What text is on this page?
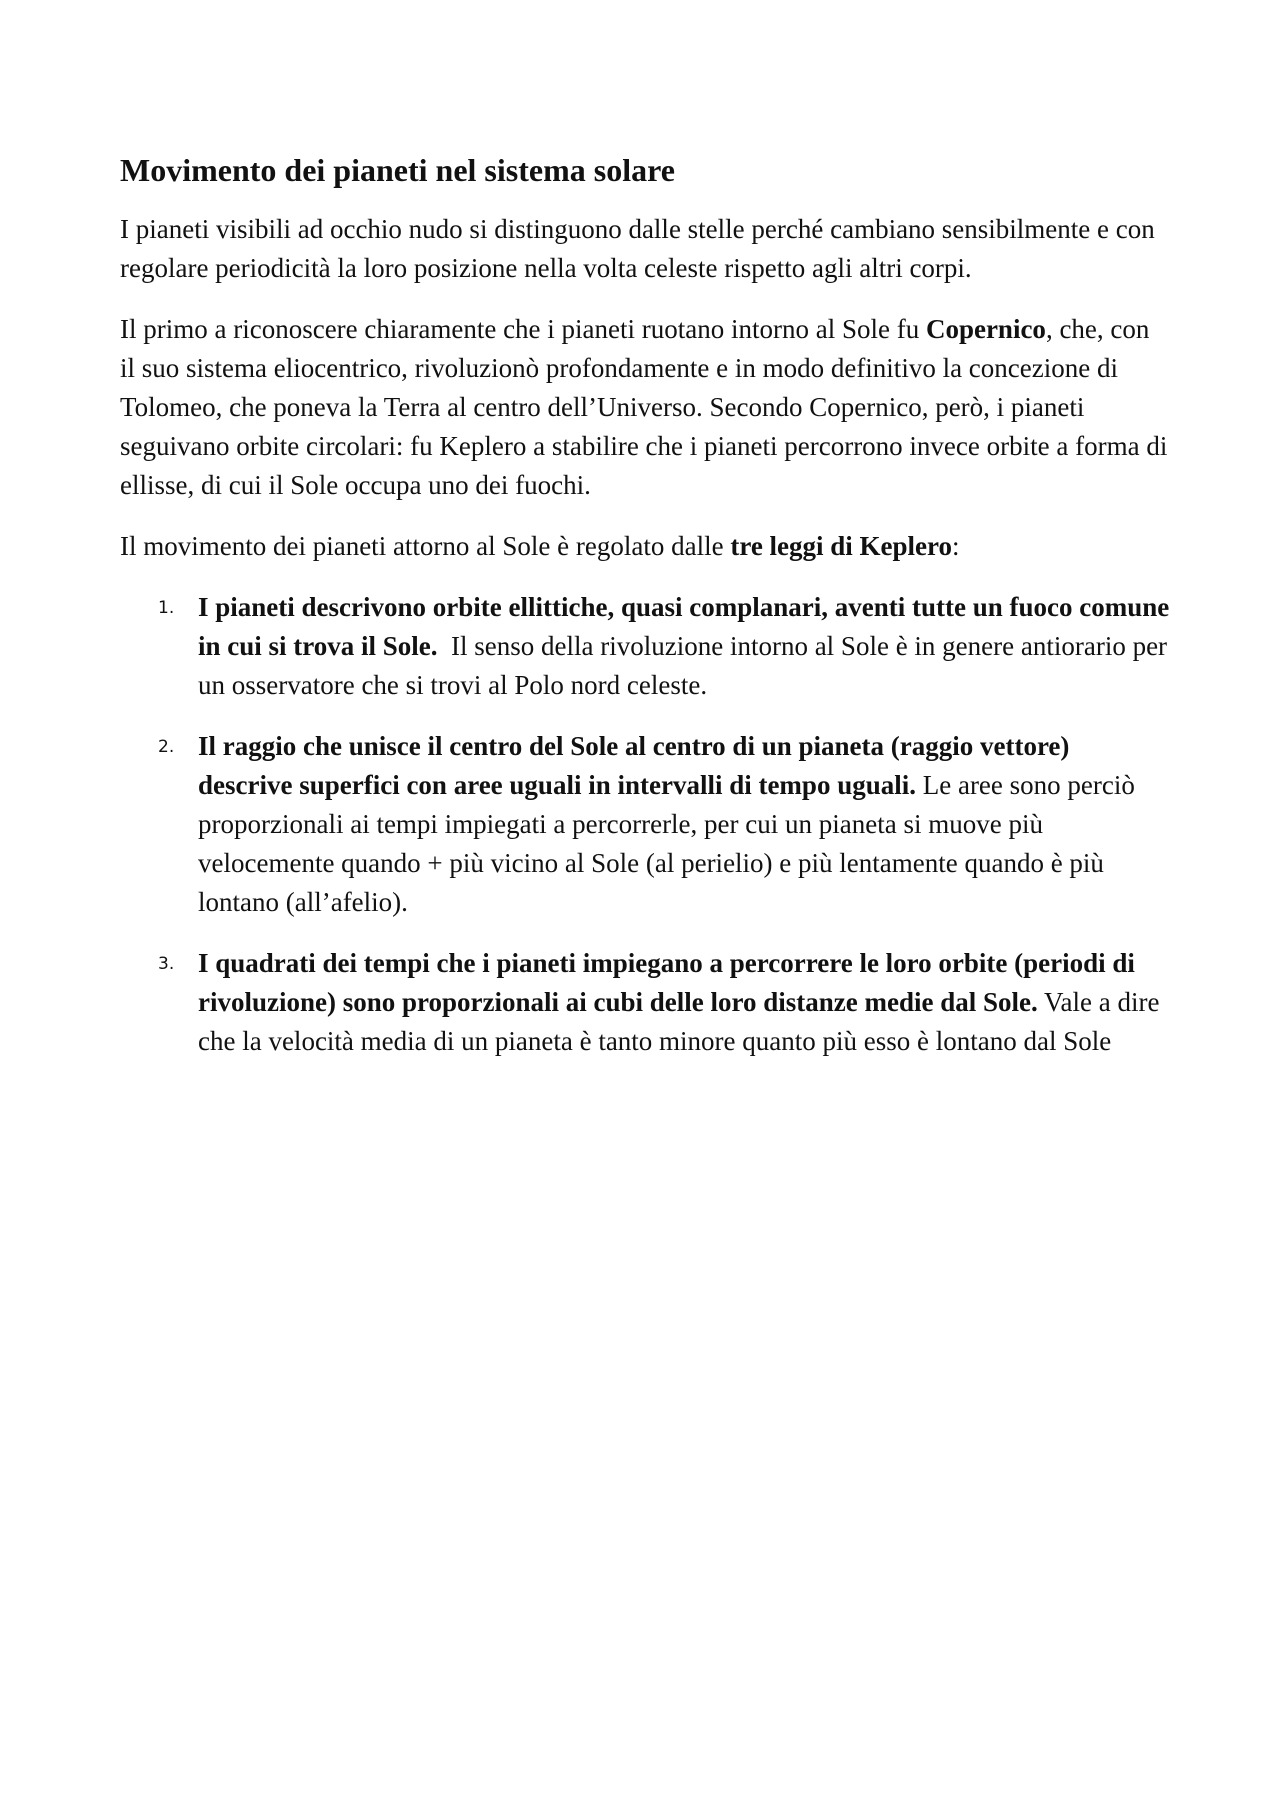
Movimento dei pianeti nel sistema solare

I pianeti visibili ad occhio nudo si distinguono dalle stelle perché cambiano sensibilmente e con regolare periodicità la loro posizione nella volta celeste rispetto agli altri corpi.

Il primo a riconoscere chiaramente che i pianeti ruotano intorno al Sole fu Copernico, che, con il suo sistema eliocentrico, rivoluzionò profondamente e in modo definitivo la concezione di Tolomeo, che poneva la Terra al centro dell’Universo. Secondo Copernico, però, i pianeti seguivano orbite circolari: fu Keplero a stabilire che i pianeti percorrono invece orbite a forma di ellisse, di cui il Sole occupa uno dei fuochi.

Il movimento dei pianeti attorno al Sole è regolato dalle tre leggi di Keplero:

1. I pianeti descrivono orbite ellittiche, quasi complanari, aventi tutte un fuoco comune in cui si trova il Sole. Il senso della rivoluzione intorno al Sole è in genere antiorario per un osservatore che si trovi al Polo nord celeste.
2. Il raggio che unisce il centro del Sole al centro di un pianeta (raggio vettore) descrive superfici con aree uguali in intervalli di tempo uguali. Le aree sono perciò proporzionali ai tempi impiegati a percorrerle, per cui un pianeta si muove più velocemente quando + più vicino al Sole (al perielio) e più lentamente quando è più lontano (all’afelio).
3. I quadrati dei tempi che i pianeti impiegano a percorrere le loro orbite (periodi di rivoluzione) sono proporzionali ai cubi delle loro distanze medie dal Sole. Vale a dire che la velocità media di un pianeta è tanto minore quanto più esso è lontano dal Sole
